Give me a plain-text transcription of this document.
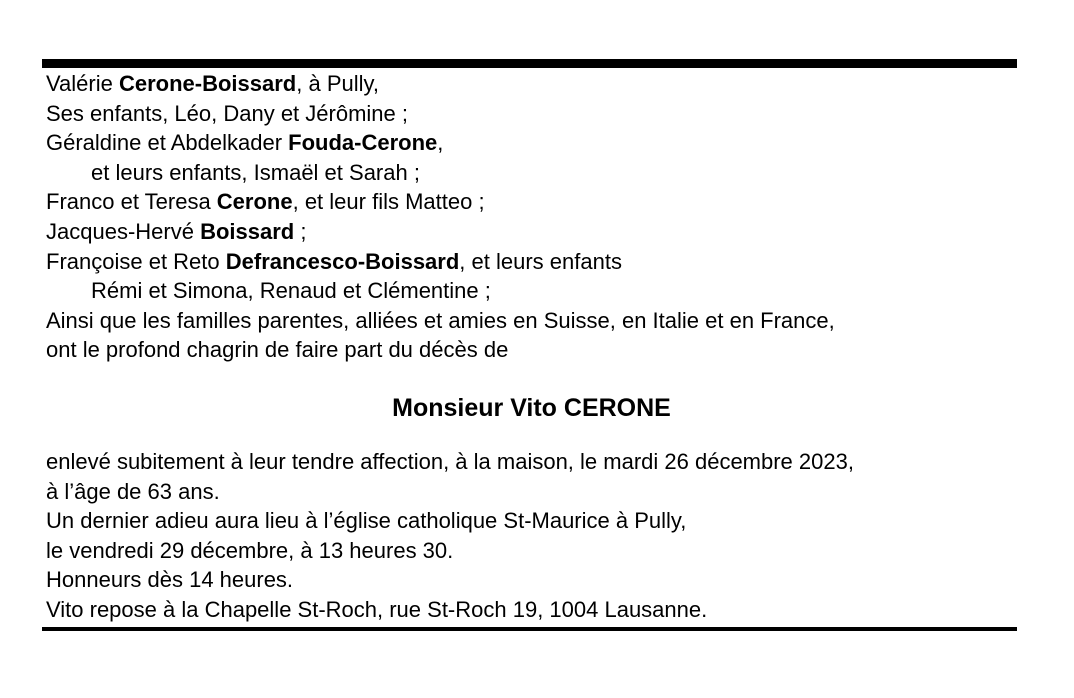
Valérie Cerone-Boissard, à Pully,
Ses enfants, Léo, Dany et Jérômine ;
Géraldine et Abdelkader Fouda-Cerone,
et leurs enfants, Ismaël et Sarah ;
Franco et Teresa Cerone, et leur fils Matteo ;
Jacques-Hervé Boissard ;
Françoise et Reto Defrancesco-Boissard, et leurs enfants
Rémi et Simona, Renaud et Clémentine ;
Ainsi que les familles parentes, alliées et amies en Suisse, en Italie et en France,
ont le profond chagrin de faire part du décès de
Monsieur Vito CERONE
enlevé subitement à leur tendre affection, à la maison, le mardi 26 décembre 2023,
à l’âge de 63 ans.
Un dernier adieu aura lieu à l’église catholique St-Maurice à Pully,
le vendredi 29 décembre, à 13 heures 30.
Honneurs dès 14 heures.
Vito repose à la Chapelle St-Roch, rue St-Roch 19, 1004 Lausanne.
